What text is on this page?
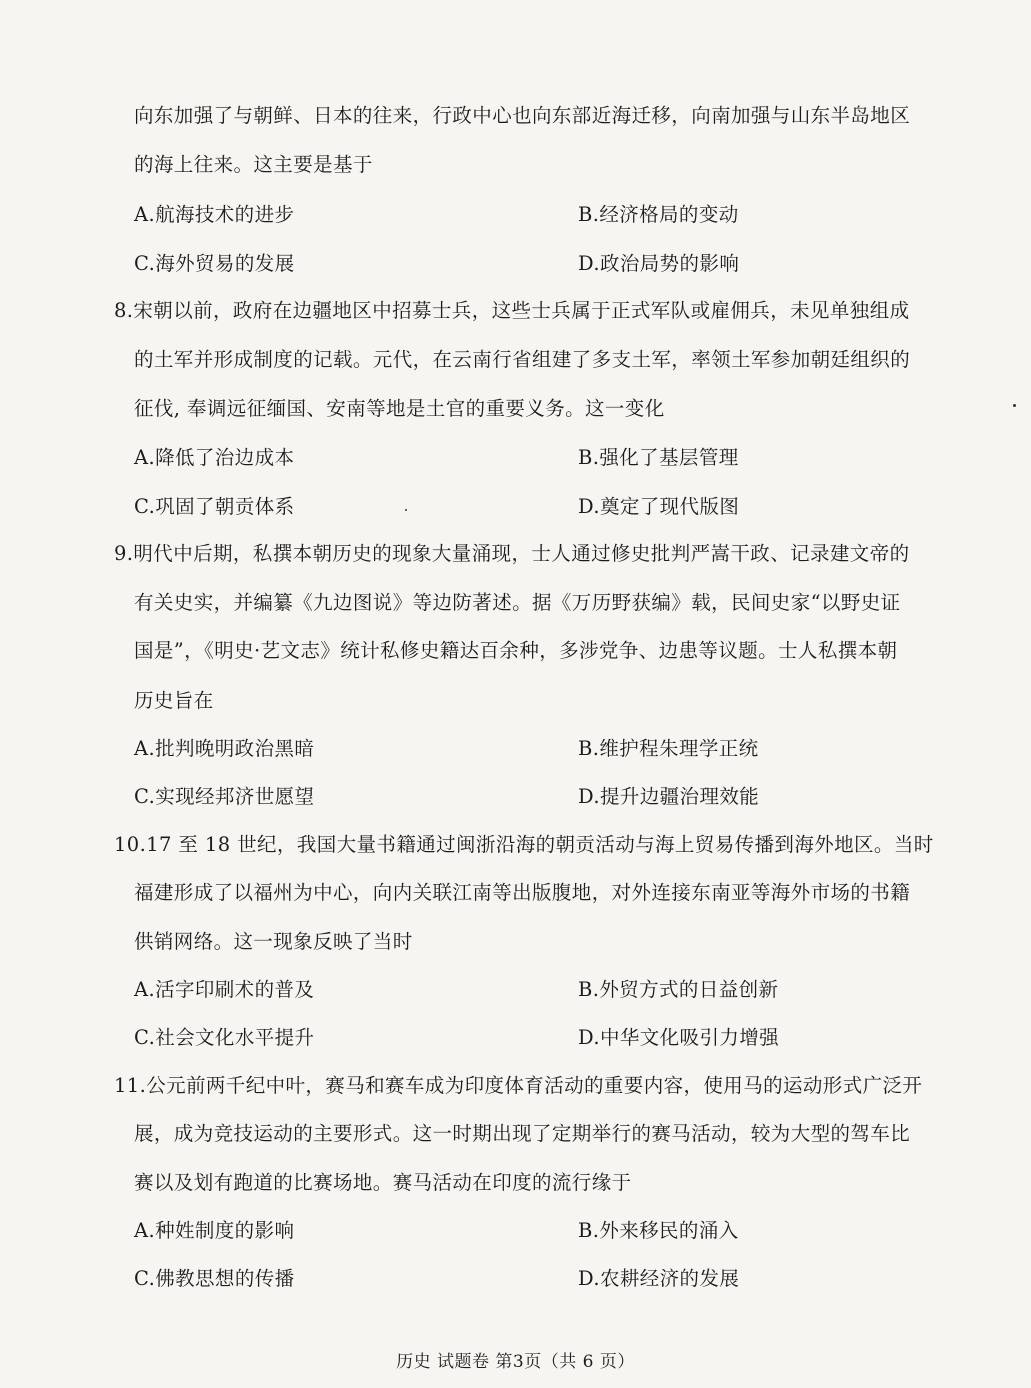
向东加强了与朝鲜、日本的往来，行政中心也向东部近海迁移，向南加强与山东半岛地区
的海上往来。这主要是基于
A.航海技术的进步	B.经济格局的变动
C.海外贸易的发展	D.政治局势的影响
8.宋朝以前，政府在边疆地区中招募士兵，这些士兵属于正式军队或雇佣兵，未见单独组成
的土军并形成制度的记载。元代，在云南行省组建了多支土军，率领土军参加朝廷组织的
征伐, 奉调远征缅国、安南等地是土官的重要义务。这一变化
A.降低了治边成本	B.强化了基层管理
C.巩固了朝贡体系	D.奠定了现代版图
9.明代中后期，私撰本朝历史的现象大量涌现，士人通过修史批判严嵩干政、记录建文帝的
有关史实，并编纂《九边图说》等边防著述。据《万历野获编》载，民间史家“以野史证
国是”，《明史·艺文志》统计私修史籍达百余种，多涉党争、边患等议题。士人私撰本朝
历史旨在
A.批判晚明政治黑暗	B.维护程朱理学正统
C.实现经邦济世愿望	D.提升边疆治理效能
10.17 至 18 世纪，我国大量书籍通过闽浙沿海的朝贡活动与海上贸易传播到海外地区。当时
福建形成了以福州为中心，向内关联江南等出版腹地，对外连接东南亚等海外市场的书籍
供销网络。这一现象反映了当时
A.活字印刷术的普及	B.外贸方式的日益创新
C.社会文化水平提升	D.中华文化吸引力增强
11.公元前两千纪中叶，赛马和赛车成为印度体育活动的重要内容，使用马的运动形式广泛开
展，成为竞技运动的主要形式。这一时期出现了定期举行的赛马活动，较为大型的驾车比
赛以及划有跑道的比赛场地。赛马活动在印度的流行缘于
A.种姓制度的影响	B.外来移民的涌入
C.佛教思想的传播	D.农耕经济的发展
历史 试题卷 第3页（共 6 页）
